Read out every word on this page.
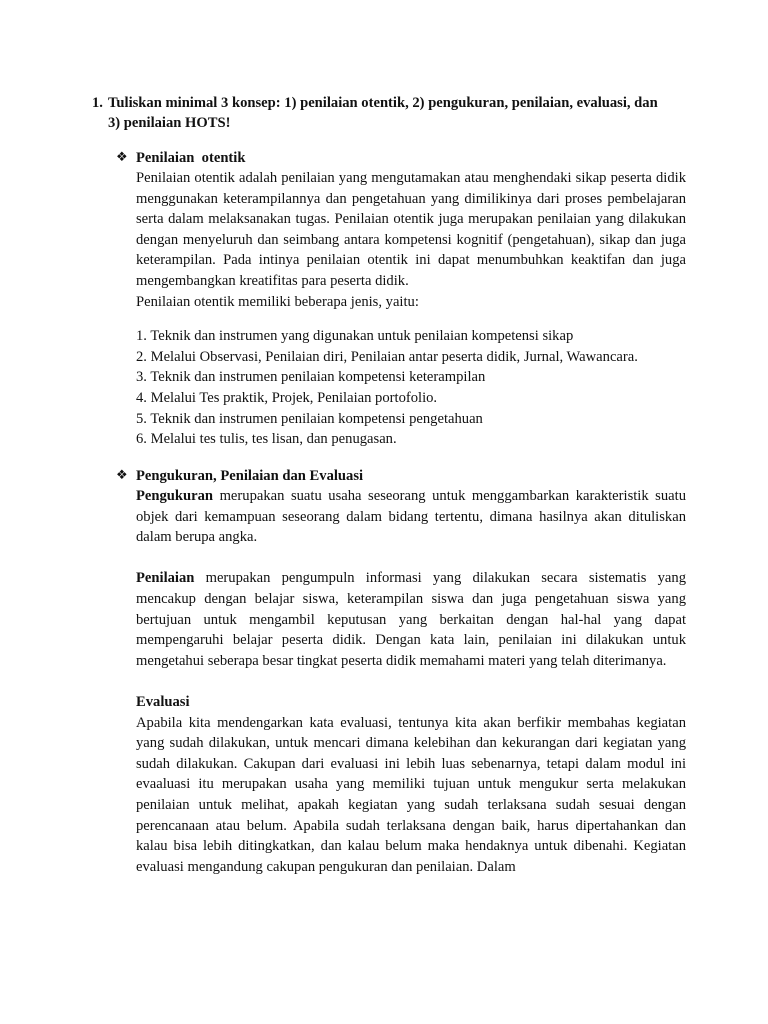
1. Tuliskan minimal 3 konsep: 1) penilaian otentik, 2) pengukuran, penilaian, evaluasi, dan
3) penilaian HOTS!
❖ Penilaian  otentik

Penilaian otentik adalah penilaian yang mengutamakan atau menghendaki sikap peserta didik menggunakan keterampilannya dan pengetahuan yang dimilikinya dari proses pembelajaran serta dalam melaksanakan tugas. Penilaian otentik juga merupakan penilaian yang dilakukan dengan menyeluruh dan seimbang antara kompetensi kognitif (pengetahuan), sikap dan juga keterampilan. Pada intinya penilaian otentik ini dapat menumbuhkan keaktifan dan juga mengembangkan kreatifitas para peserta didik.

Penilaian otentik memiliki beberapa jenis, yaitu:

1. Teknik dan instrumen yang digunakan untuk penilaian kompetensi sikap
2. Melalui Observasi, Penilaian diri, Penilaian antar peserta didik, Jurnal, Wawancara.
3. Teknik dan instrumen penilaian kompetensi keterampilan
4. Melalui Tes praktik, Projek, Penilaian portofolio.
5. Teknik dan instrumen penilaian kompetensi pengetahuan
6. Melalui tes tulis, tes lisan, dan penugasan.
❖ Pengukuran, Penilaian dan Evaluasi

Pengukuran merupakan suatu usaha seseorang untuk menggambarkan karakteristik suatu objek dari kemampuan seseorang dalam bidang tertentu, dimana hasilnya akan dituliskan dalam berupa angka.

Penilaian merupakan pengumpuln informasi yang dilakukan secara sistematis yang mencakup dengan belajar siswa, keterampilan siswa dan juga pengetahuan siswa yang bertujuan untuk mengambil keputusan yang berkaitan dengan hal-hal yang dapat mempengaruhi belajar peserta didik. Dengan kata lain, penilaian ini dilakukan untuk mengetahui seberapa besar tingkat peserta didik memahami materi yang telah diterimanya.

Evaluasi

Apabila kita mendengarkan kata evaluasi, tentunya kita akan berfikir membahas kegiatan yang sudah dilakukan, untuk mencari dimana kelebihan dan kekurangan dari kegiatan yang sudah dilakukan. Cakupan dari evaluasi ini lebih luas sebenarnya, tetapi dalam modul ini evaaluasi itu merupakan usaha yang memiliki tujuan untuk mengukur serta melakukan penilaian untuk melihat, apakah kegiatan yang sudah terlaksana sudah sesuai dengan perencanaan atau belum. Apabila sudah terlaksana dengan baik, harus dipertahankan dan kalau bisa lebih ditingkatkan, dan kalau belum maka hendaknya untuk dibenahi. Kegiatan evaluasi mengandung cakupan pengukuran dan penilaian. Dalam
